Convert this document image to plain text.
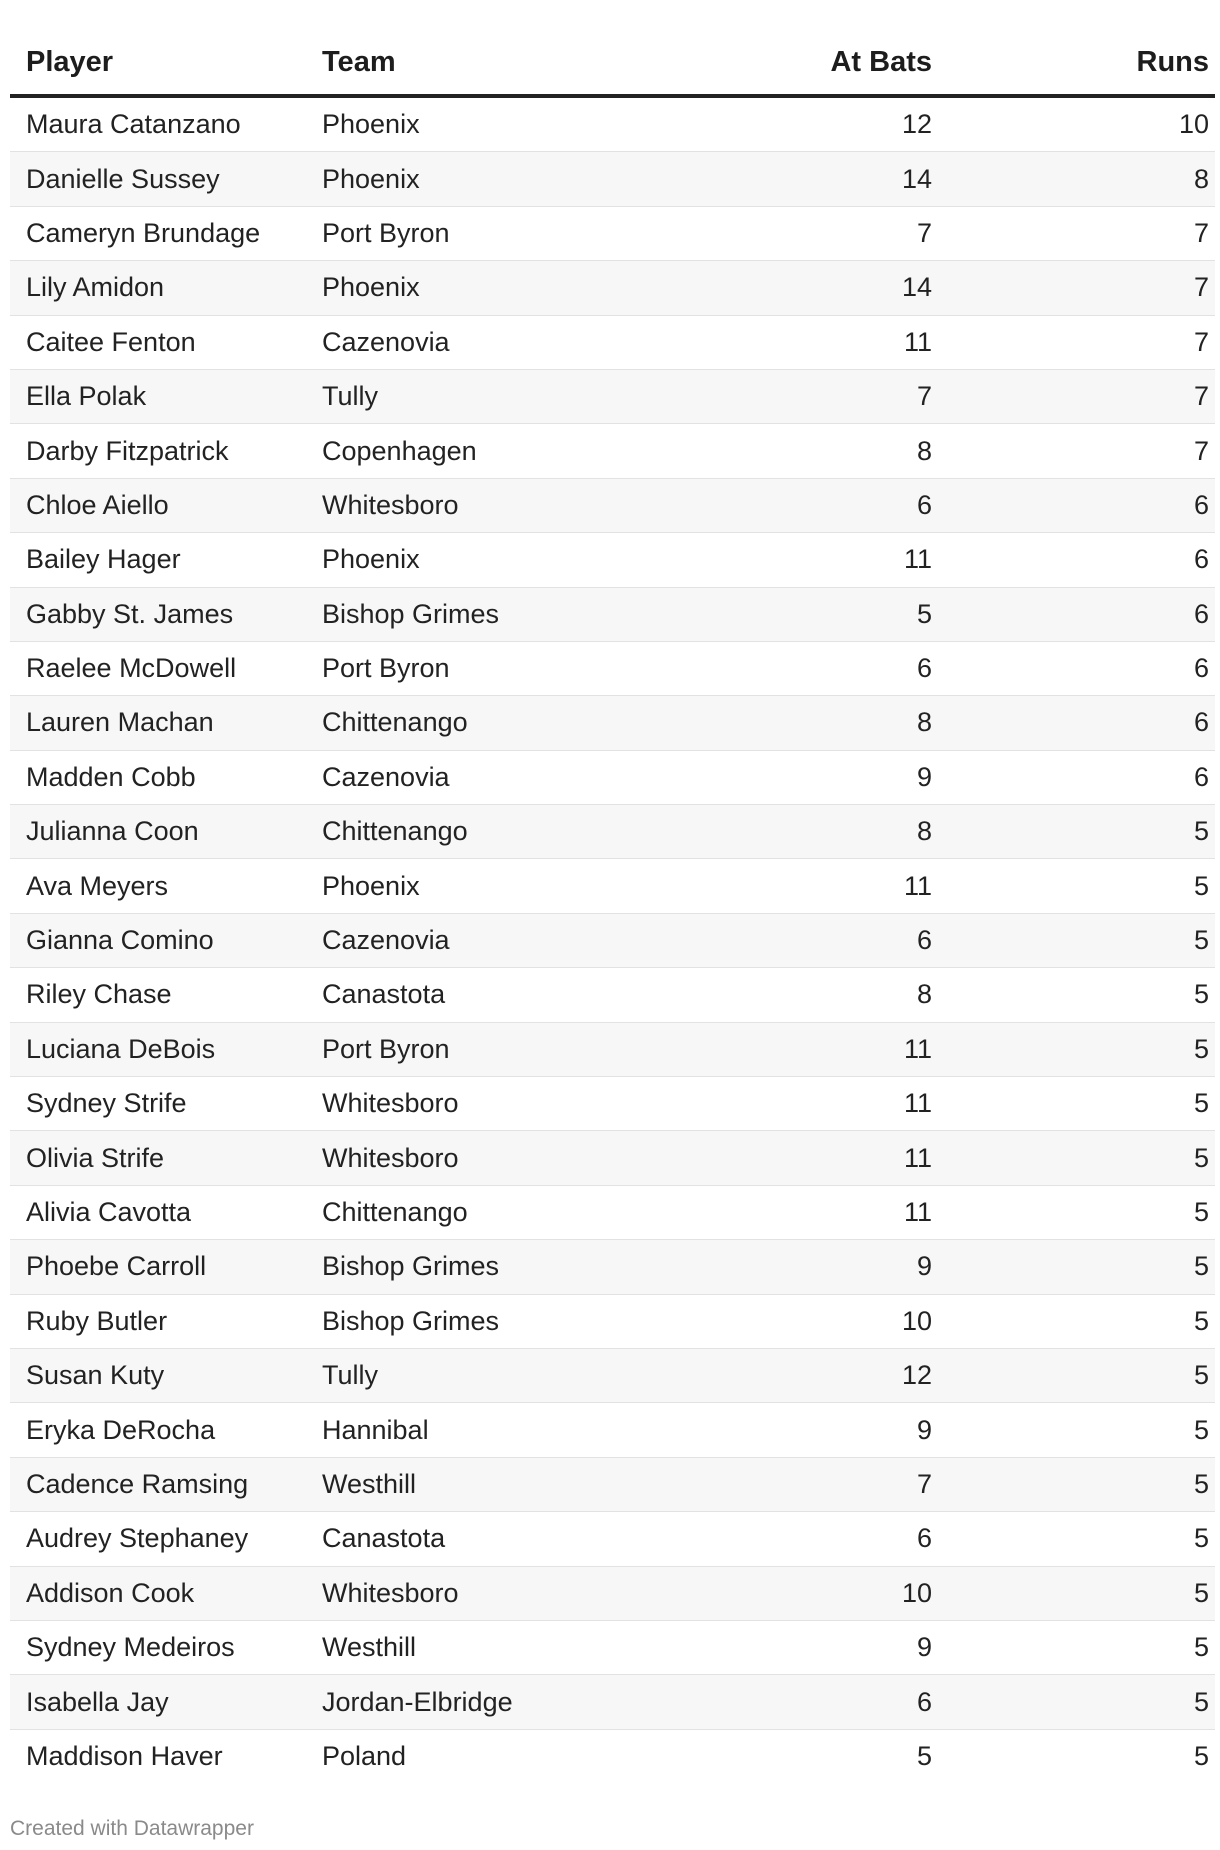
Player	Team	At Bats	Runs
Maura Catanzano	Phoenix	12	10
Danielle Sussey	Phoenix	14	8
Cameryn Brundage	Port Byron	7	7
Lily Amidon	Phoenix	14	7
Caitee Fenton	Cazenovia	11	7
Ella Polak	Tully	7	7
Darby Fitzpatrick	Copenhagen	8	7
Chloe Aiello	Whitesboro	6	6
Bailey Hager	Phoenix	11	6
Gabby St. James	Bishop Grimes	5	6
Raelee McDowell	Port Byron	6	6
Lauren Machan	Chittenango	8	6
Madden Cobb	Cazenovia	9	6
Julianna Coon	Chittenango	8	5
Ava Meyers	Phoenix	11	5
Gianna Comino	Cazenovia	6	5
Riley Chase	Canastota	8	5
Luciana DeBois	Port Byron	11	5
Sydney Strife	Whitesboro	11	5
Olivia Strife	Whitesboro	11	5
Alivia Cavotta	Chittenango	11	5
Phoebe Carroll	Bishop Grimes	9	5
Ruby Butler	Bishop Grimes	10	5
Susan Kuty	Tully	12	5
Eryka DeRocha	Hannibal	9	5
Cadence Ramsing	Westhill	7	5
Audrey Stephaney	Canastota	6	5
Addison Cook	Whitesboro	10	5
Sydney Medeiros	Westhill	9	5
Isabella Jay	Jordan-Elbridge	6	5
Maddison Haver	Poland	5	5
Created with Datawrapper
